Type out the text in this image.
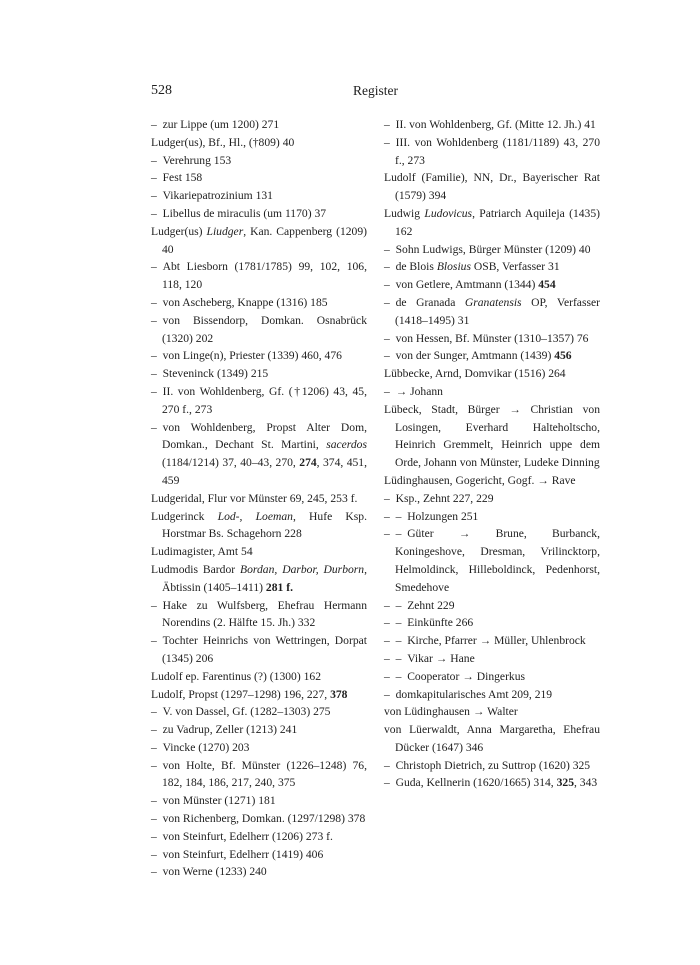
528	Register
– zur Lippe (um 1200) 271
Ludger(us), Bf., Hl., (†809) 40
– Verehrung 153
– Fest 158
– Vikariepatrozinium 131
– Libellus de miraculis (um 1170) 37
Ludger(us) Liudger, Kan. Cappenberg (1209) 40
– Abt Liesborn (1781/1785) 99, 102, 106, 118, 120
– von Ascheberg, Knappe (1316) 185
– von Bissendorp, Domkan. Osnabrück (1320) 202
– von Linge(n), Priester (1339) 460, 476
– Steveninck (1349) 215
– II. von Wohldenberg, Gf. (†1206) 43, 45, 270 f., 273
– von Wohldenberg, Propst Alter Dom, Domkan., Dechant St. Martini, sacerdos (1184/1214) 37, 40–43, 270, 274, 374, 451, 459
Ludgeridal, Flur vor Münster 69, 245, 253 f.
Ludgerinck Lod-, Loeman, Hufe Ksp. Horstmar Bs. Schagehorn 228
Ludimagister, Amt 54
Ludmodis Bardor Bordan, Darbor, Durborn, Äbtissin (1405–1411) 281 f.
– Hake zu Wulfsberg, Ehefrau Hermann Norendins (2. Hälfte 15. Jh.) 332
– Tochter Heinrichs von Wettringen, Dorpat (1345) 206
Ludolf ep. Farentinus (?) (1300) 162
Ludolf, Propst (1297–1298) 196, 227, 378
– V. von Dassel, Gf. (1282–1303) 275
– zu Vadrup, Zeller (1213) 241
– Vincke (1270) 203
– von Holte, Bf. Münster (1226–1248) 76, 182, 184, 186, 217, 240, 375
– von Münster (1271) 181
– von Richenberg, Domkan. (1297/1298) 378
– von Steinfurt, Edelherr (1206) 273 f.
– von Steinfurt, Edelherr (1419) 406
– von Werne (1233) 240
– II. von Wohldenberg, Gf. (Mitte 12. Jh.) 41
– III. von Wohldenberg (1181/1189) 43, 270 f., 273
Ludolf (Familie), NN, Dr., Bayerischer Rat (1579) 394
Ludwig Ludovicus, Patriarch Aquileja (1435) 162
– Sohn Ludwigs, Bürger Münster (1209) 40
– de Blois Blosius OSB, Verfasser 31
– von Getlere, Amtmann (1344) 454
– de Granada Granatensis OP, Verfasser (1418–1495) 31
– von Hessen, Bf. Münster (1310–1357) 76
– von der Sunger, Amtmann (1439) 456
Lübbecke, Arnd, Domvikar (1516) 264
– → Johann
Lübeck, Stadt, Bürger → Christian von Losingen, Everhard Halteholtscho, Heinrich Gremmelt, Heinrich uppe dem Orde, Johann von Münster, Ludeke Dinning
Lüdinghausen, Gogericht, Gogf. → Rave
– Ksp., Zehnt 227, 229
– – Holzungen 251
– – Güter → Brune, Burbanck, Koningeshove, Dresman, Vrilincktorp, Helmoldinck, Hilleboldinck, Pedenhorst, Smedehove
– – Zehnt 229
– – Einkünfte 266
– – Kirche, Pfarrer → Müller, Uhlenbrock
– – Vikar → Hane
– – Cooperator → Dingerkus
– domkapitularisches Amt 209, 219
von Lüdinghausen → Walter
von Lüerwaldt, Anna Margaretha, Ehefrau Dücker (1647) 346
– Christoph Dietrich, zu Suttrop (1620) 325
– Guda, Kellnerin (1620/1665) 314, 325, 343
